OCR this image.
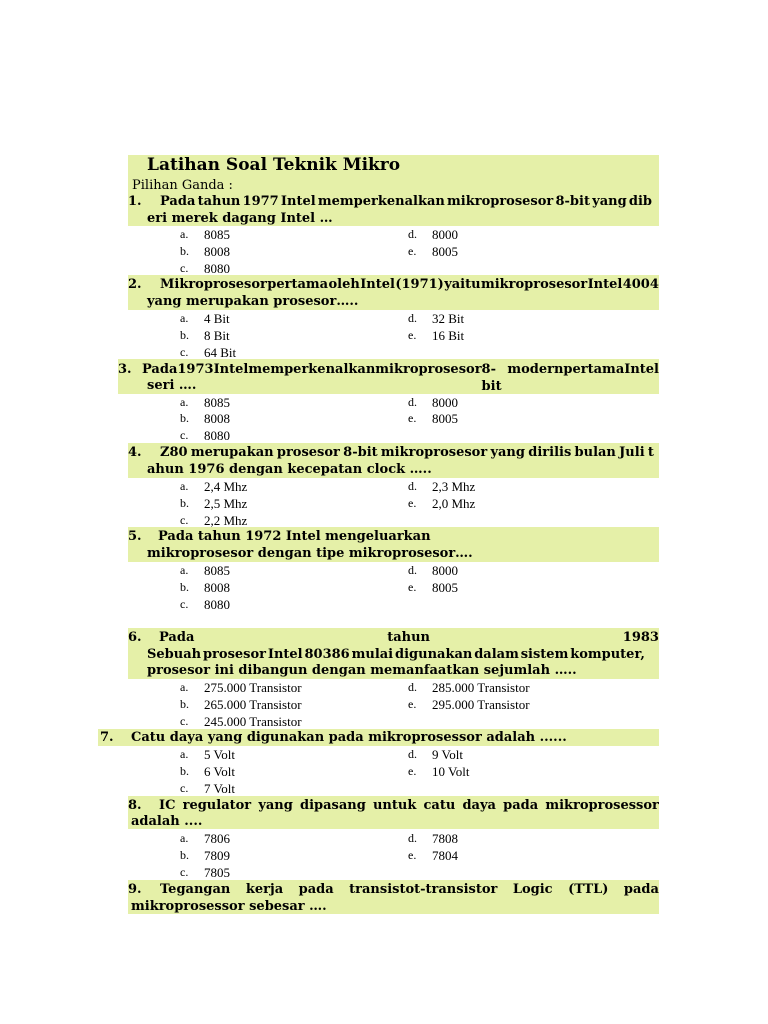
Latihan Soal Teknik Mikro
Pilihan Ganda :
1. Pada tahun 1977 Intel memperkenalkan mikroprosesor 8-bit yang dib
eri merek dagang Intel …
a. 8085	d. 8000
b. 8008	e. 8005
c. 8080
2. Mikroprosesor pertama oleh Intel (1971) yaitu mikroprosesor Intel 4004
yang merupakan prosesor…..
a. 4 Bit	d. 32 Bit
b. 8 Bit	e. 16 Bit
c. 64 Bit
3. Pada 1973 Intel memperkenalkan mikroprosesor 8-bit
modern pertama Intel
seri ….
a. 8085	d. 8000
b. 8008	e. 8005
c. 8080
4. Z80 merupakan prosesor 8-bit mikroprosesor yang dirilis bulan Juli t
ahun 1976 dengan kecepatan clock …..
a. 2,4 Mhz	d. 2,3 Mhz
b. 2,5 Mhz	e. 2,0 Mhz
c. 2,2 Mhz
5. Pada tahun 1972 Intel mengeluarkan
mikroprosesor dengan tipe mikroprosesor….
a. 8085	d. 8000
b. 8008	e. 8005
c. 8080
6. Pada	tahun	1983
Sebuah prosesor Intel 80386 mulai digunakan dalam sistem komputer,
prosesor ini dibangun dengan memanfaatkan sejumlah …..
a. 275.000 Transistor	d. 285.000 Transistor
b. 265.000 Transistor	e. 295.000 Transistor
c. 245.000 Transistor
7. Catu daya yang digunakan pada mikroprosessor adalah ......
a. 5 Volt	d. 9 Volt
b. 6 Volt	e. 10 Volt
c. 7 Volt
8. IC regulator yang dipasang untuk catu daya pada mikroprosessor
adalah ....
a. 7806	d. 7808
b. 7809	e. 7804
c. 7805
9. Tegangan kerja pada transistot-transistor Logic (TTL) pada
mikroprosessor sebesar ….
